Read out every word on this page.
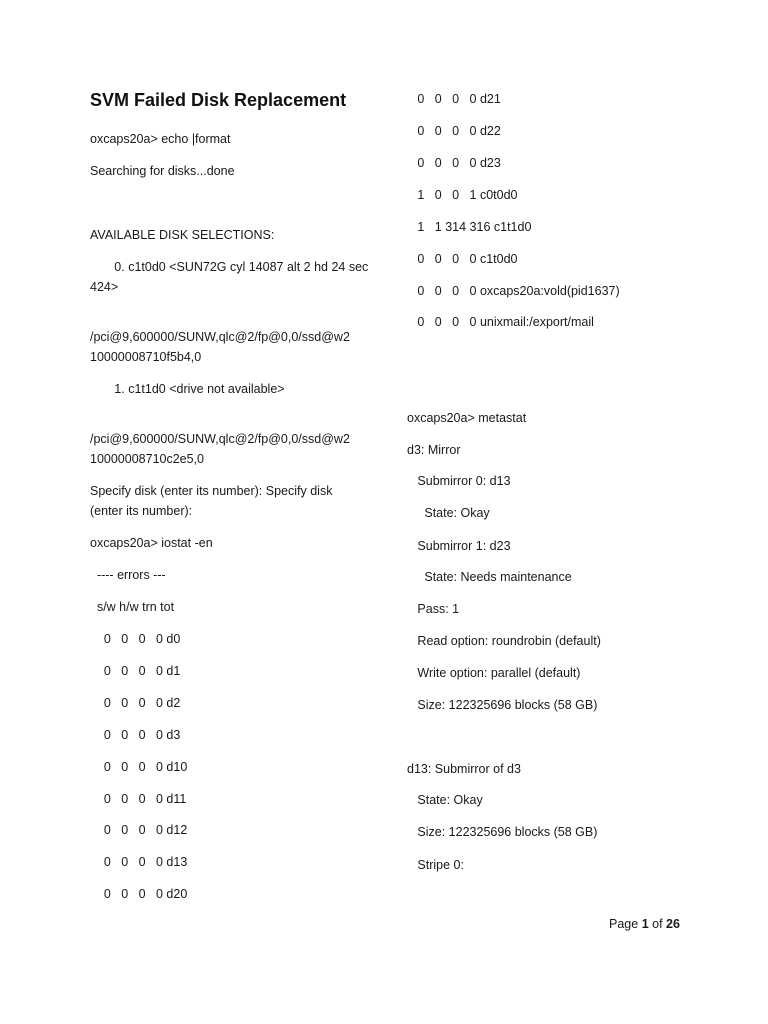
SVM Failed Disk Replacement
oxcaps20a> echo |format
Searching for disks...done
AVAILABLE DISK SELECTIONS:
0. c1t0d0 <SUN72G cyl 14087 alt 2 hd 24 sec
424>
/pci@9,600000/SUNW,qlc@2/fp@0,0/ssd@w2
10000008710f5b4,0
1. c1t1d0 <drive not available>
/pci@9,600000/SUNW,qlc@2/fp@0,0/ssd@w2
10000008710c2e5,0
Specify disk (enter its number): Specify disk
(enter its number):
oxcaps20a> iostat -en
---- errors ---
s/w h/w trn tot
0   0   0   0 d0
0   0   0   0 d1
0   0   0   0 d2
0   0   0   0 d3
0   0   0   0 d10
0   0   0   0 d11
0   0   0   0 d12
0   0   0   0 d13
0   0   0   0 d20
0   0   0   0 d21
0   0   0   0 d22
0   0   0   0 d23
1   0   0   1 c0t0d0
1   1 314 316 c1t1d0
0   0   0   0 c1t0d0
0   0   0   0 oxcaps20a:vold(pid1637)
0   0   0   0 unixmail:/export/mail
oxcaps20a> metastat
d3: Mirror
Submirror 0: d13
State: Okay
Submirror 1: d23
State: Needs maintenance
Pass: 1
Read option: roundrobin (default)
Write option: parallel (default)
Size: 122325696 blocks (58 GB)
d13: Submirror of d3
State: Okay
Size: 122325696 blocks (58 GB)
Stripe 0:
Page 1 of 26
